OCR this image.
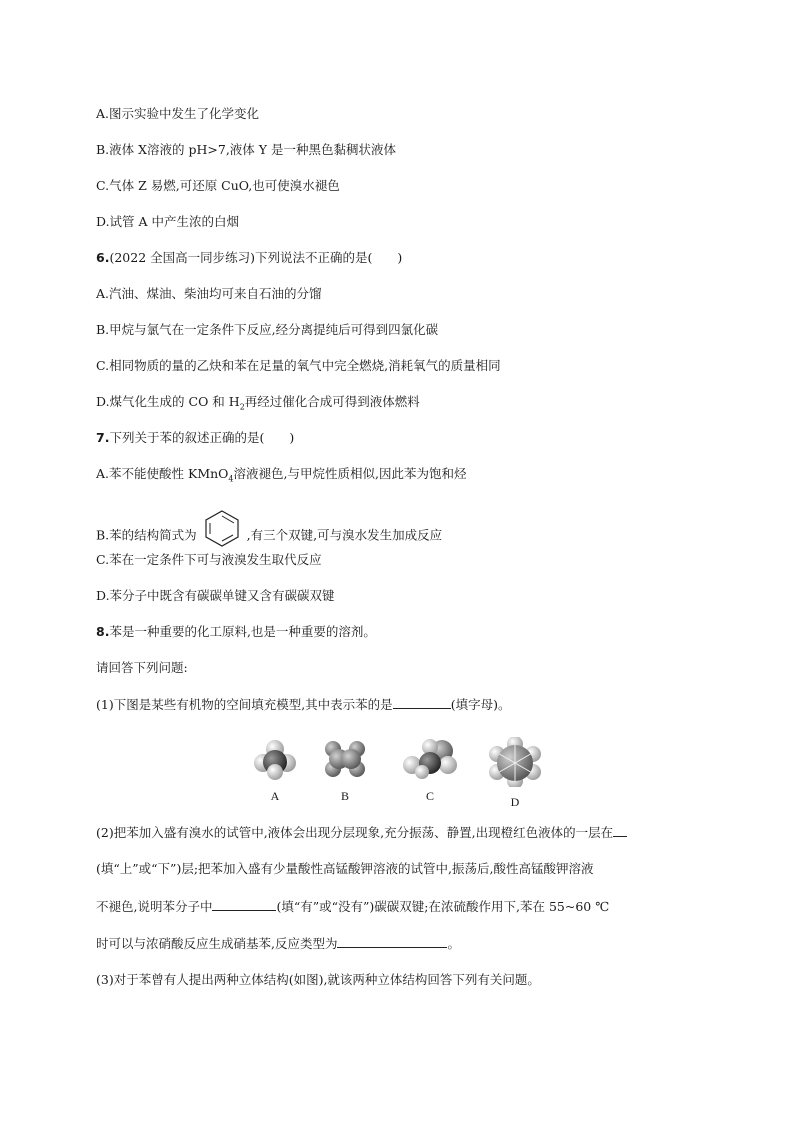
A.图示实验中发生了化学变化
B.液体 X溶液的 pH>7,液体 Y 是一种黑色黏稠状液体
C.气体 Z 易燃,可还原 CuO,也可使溴水褪色
D.试管 A 中产生浓的白烟
6.(2022 全国高一同步练习)下列说法不正确的是(　　)
A.汽油、煤油、柴油均可来自石油的分馏
B.甲烷与氯气在一定条件下反应,经分离提纯后可得到四氯化碳
C.相同物质的量的乙炔和苯在足量的氧气中完全燃烧,消耗氧气的质量相同
D.煤气化生成的 CO 和 $H_2$再经过催化合成可得到液体燃料
7.下列关于苯的叙述正确的是(　　)
A.苯不能使酸性 KMnO$_4$溶液褪色,与甲烷性质相似,因此苯为饱和烃
B.苯的结构简式为	,有三个双键,可与溴水发生加成反应
C.苯在一定条件下可与液溴发生取代反应
D.苯分子中既含有碳碳单键又含有碳碳双键
8.苯是一种重要的化工原料,也是一种重要的溶剂。
请回答下列问题:
(1)下图是某些有机物的空间填充模型,其中表示苯的是	(填字母)。
A	B	C	D
(2)把苯加入盛有溴水的试管中,液体会出现分层现象,充分振荡、静置,出现橙红色液体的一层在
(填“上”或“下”)层;把苯加入盛有少量酸性高锰酸钾溶液的试管中,振荡后,酸性高锰酸钾溶液
不褪色,说明苯分子中	(填“有”或“没有”)碳碳双键;在浓硫酸作用下,苯在 55~60 ℃
时可以与浓硝酸反应生成硝基苯,反应类型为	。
(3)对于苯曾有人提出两种立体结构(如图),就该两种立体结构回答下列有关问题。
